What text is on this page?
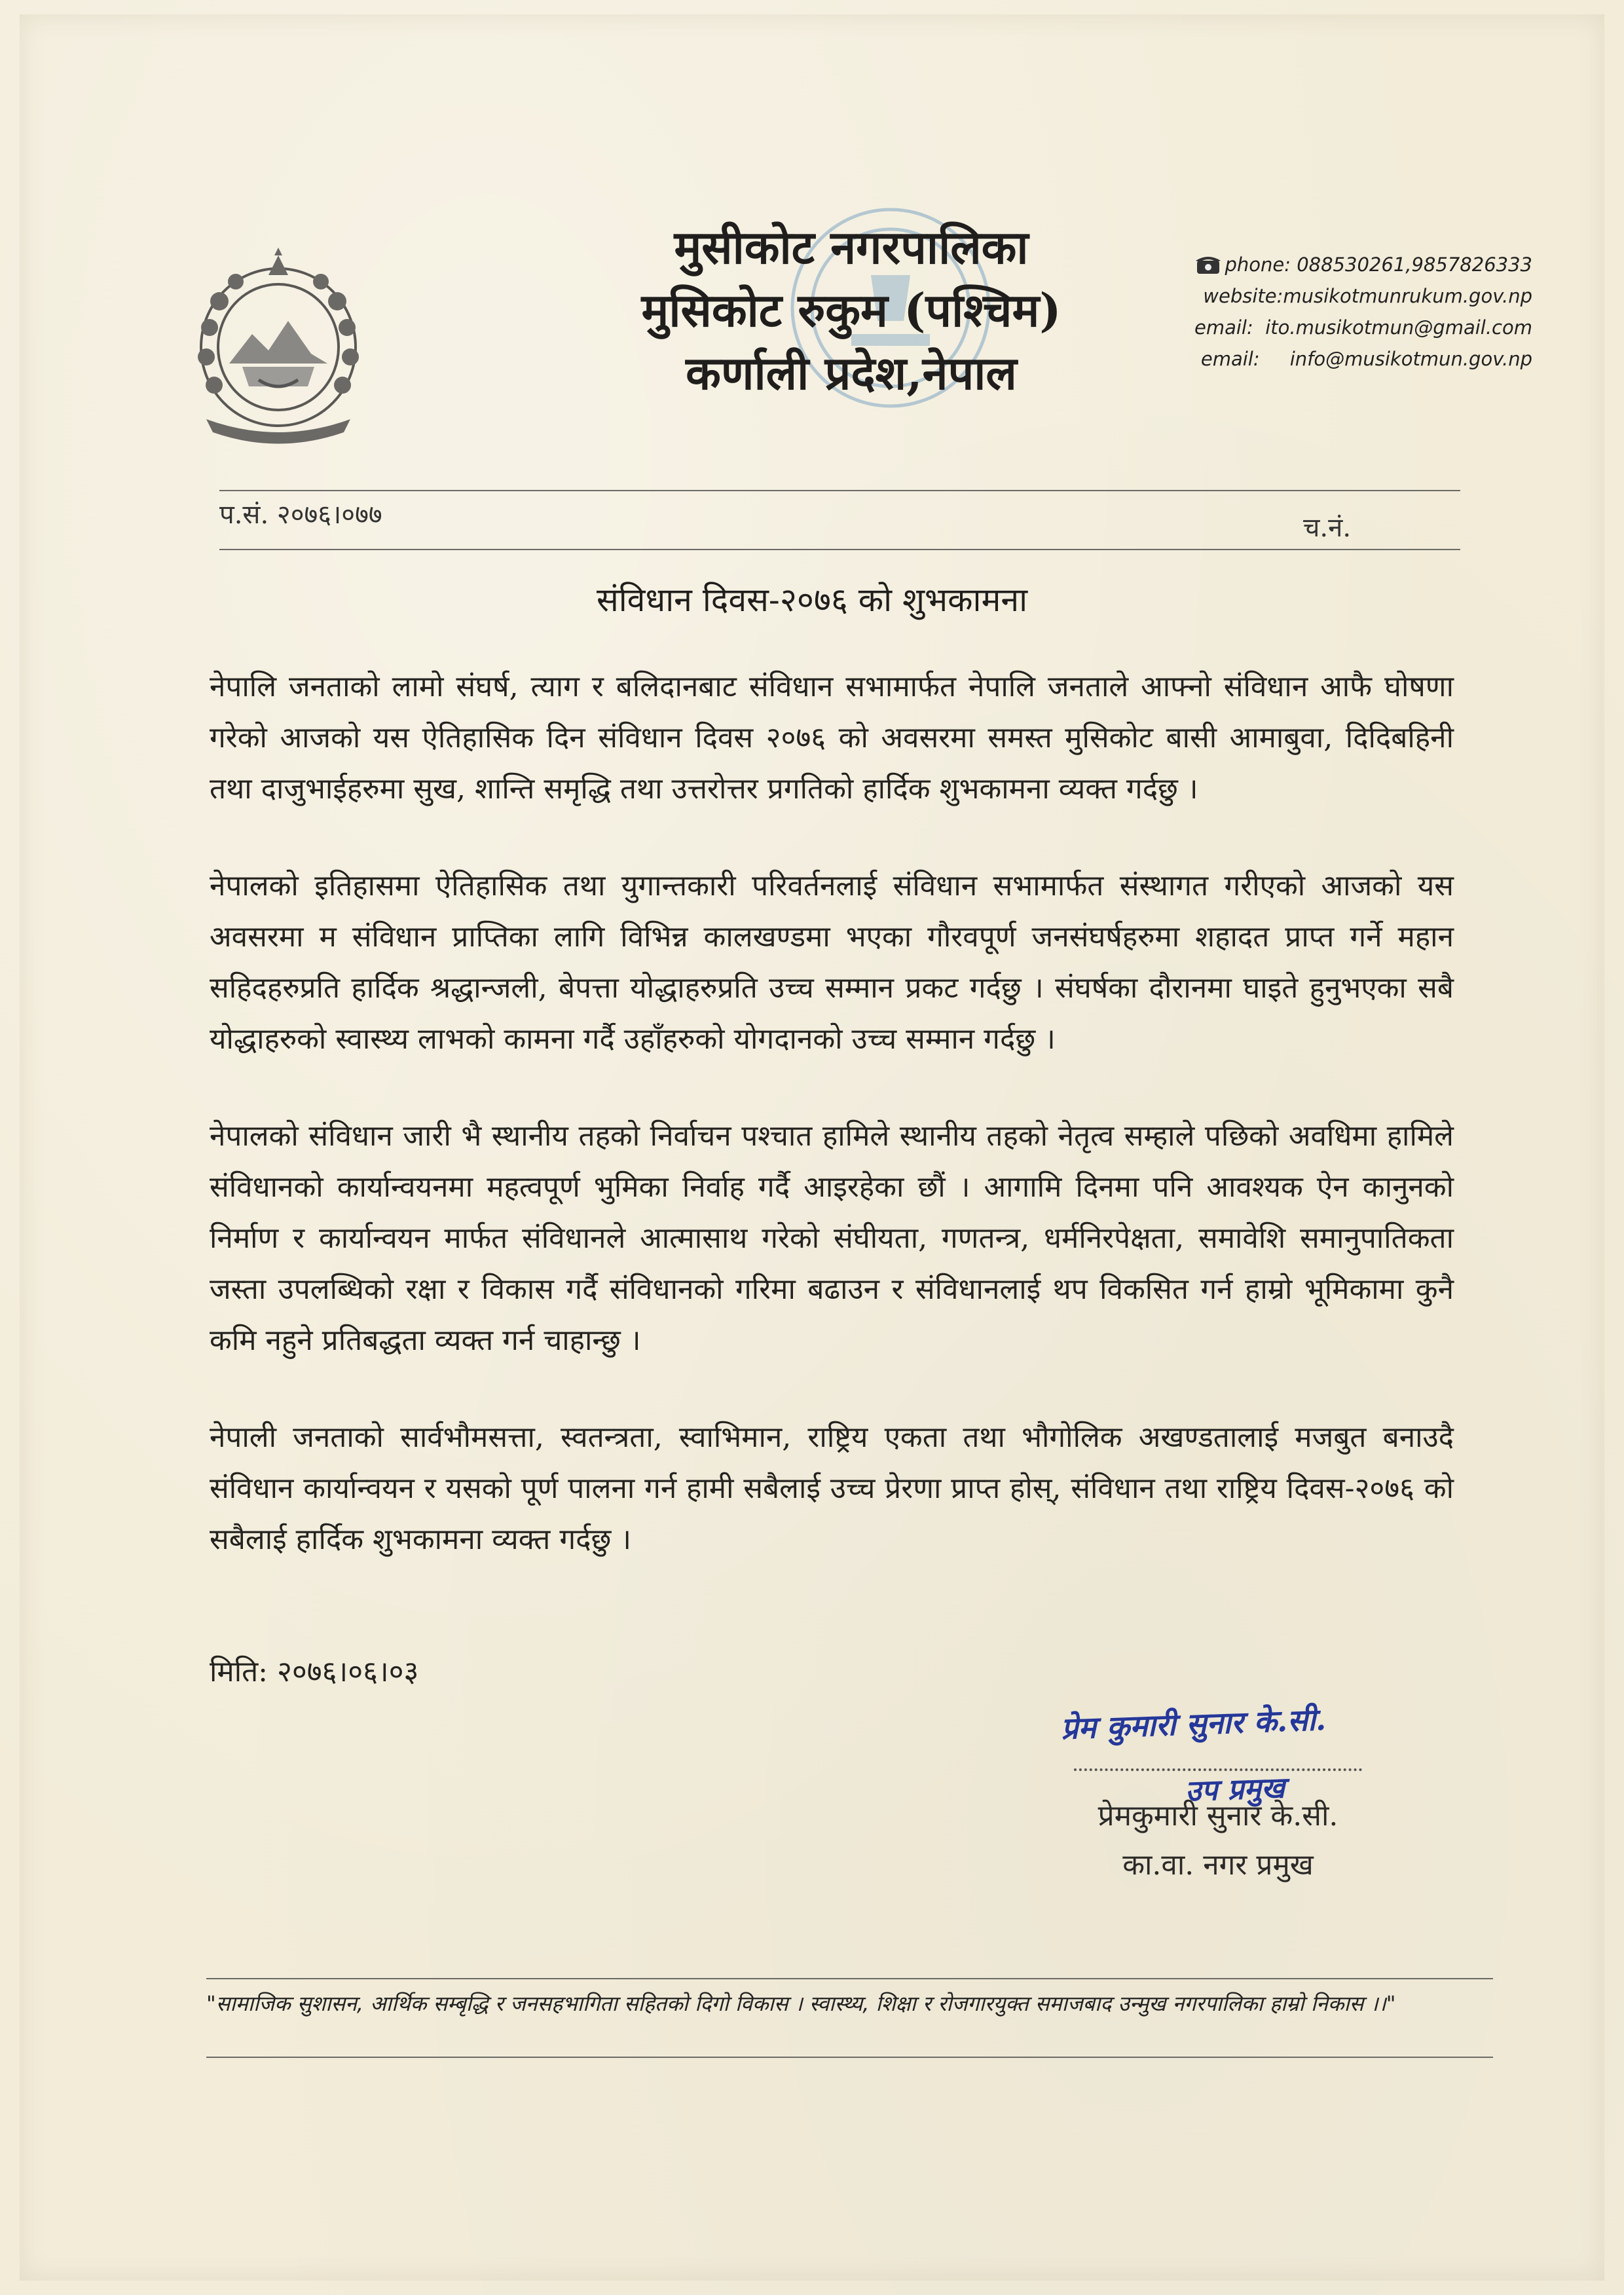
मुसीकोट नगरपालिका
मुसिकोट रुकुम (पश्चिम)
कर्णाली प्रदेश,नेपाल
phone: 088530261,9857826333
website:musikotmunrukum.gov.np
email: ito.musikotmun@gmail.com
email: info@musikotmun.gov.np
प.सं. २०७६।०७७	च.नं.
संविधान दिवस-२०७६ को शुभकामना

नेपालि जनताको लामो संघर्ष, त्याग र बलिदानबाट संविधान सभामार्फत नेपालि जनताले आफ्नो संविधान आफै घोषणा गरेको आजको यस ऐतिहासिक दिन संविधान दिवस २०७६ को अवसरमा समस्त मुसिकोट बासी आमाबुवा, दिदिबहिनी तथा दाजुभाईहरुमा सुख, शान्ति समृद्धि तथा उत्तरोत्तर प्रगतिको हार्दिक शुभकामना व्यक्त गर्दछु ।

नेपालको इतिहासमा ऐतिहासिक तथा युगान्तकारी परिवर्तनलाई संविधान सभामार्फत संस्थागत गरीएको आजको यस अवसरमा म संविधान प्राप्तिका लागि विभिन्न कालखण्डमा भएका गौरवपूर्ण जनसंघर्षहरुमा शहादत प्राप्त गर्ने महान सहिदहरुप्रति हार्दिक श्रद्धान्जली, बेपत्ता योद्धाहरुप्रति उच्च सम्मान प्रकट गर्दछु । संघर्षका दौरानमा घाइते हुनुभएका सबै योद्धाहरुको स्वास्थ्य लाभको कामना गर्दै उहाँहरुको योगदानको उच्च सम्मान गर्दछु ।

नेपालको संविधान जारी भै स्थानीय तहको निर्वाचन पश्चात हामिले स्थानीय तहको नेतृत्व सम्हाले पछिको अवधिमा हामिले संविधानको कार्यान्वयनमा महत्वपूर्ण भुमिका निर्वाह गर्दै आइरहेका छौं । आगामि दिनमा पनि आवश्यक ऐन कानुनको निर्माण र कार्यान्वयन मार्फत संविधानले आत्मासाथ गरेको संघीयता, गणतन्त्र, धर्मनिरपेक्षता, समावेशि समानुपातिकता जस्ता उपलब्धिको रक्षा र विकास गर्दै संविधानको गरिमा बढाउन र संविधानलाई थप विकसित गर्न हाम्रो भूमिकामा कुनै कमि नहुने प्रतिबद्धता व्यक्त गर्न चाहान्छु ।

नेपाली जनताको सार्वभौमसत्ता, स्वतन्त्रता, स्वाभिमान, राष्ट्रिय एकता तथा भौगोलिक अखण्डतालाई मजबुत बनाउदै संविधान कार्यान्वयन र यसको पूर्ण पालना गर्न हामी सबैलाई उच्च प्रेरणा प्राप्त होस्, संविधान तथा राष्ट्रिय दिवस-२०७६ को सबैलाई हार्दिक शुभकामना व्यक्त गर्दछु ।

मिति: २०७६।०६।०३
प्रेम कुमारी सुनार के.सी.
उप प्रमुख
प्रेमकुमारी सुनार के.सी.
का.वा. नगर प्रमुख
"सामाजिक सुशासन, आर्थिक सम्बृद्धि र जनसहभागिता सहितको दिगो विकास । स्वास्थ्य, शिक्षा र रोजगारयुक्त समाजबाद उन्मुख नगरपालिका हाम्रो निकास ।।"
